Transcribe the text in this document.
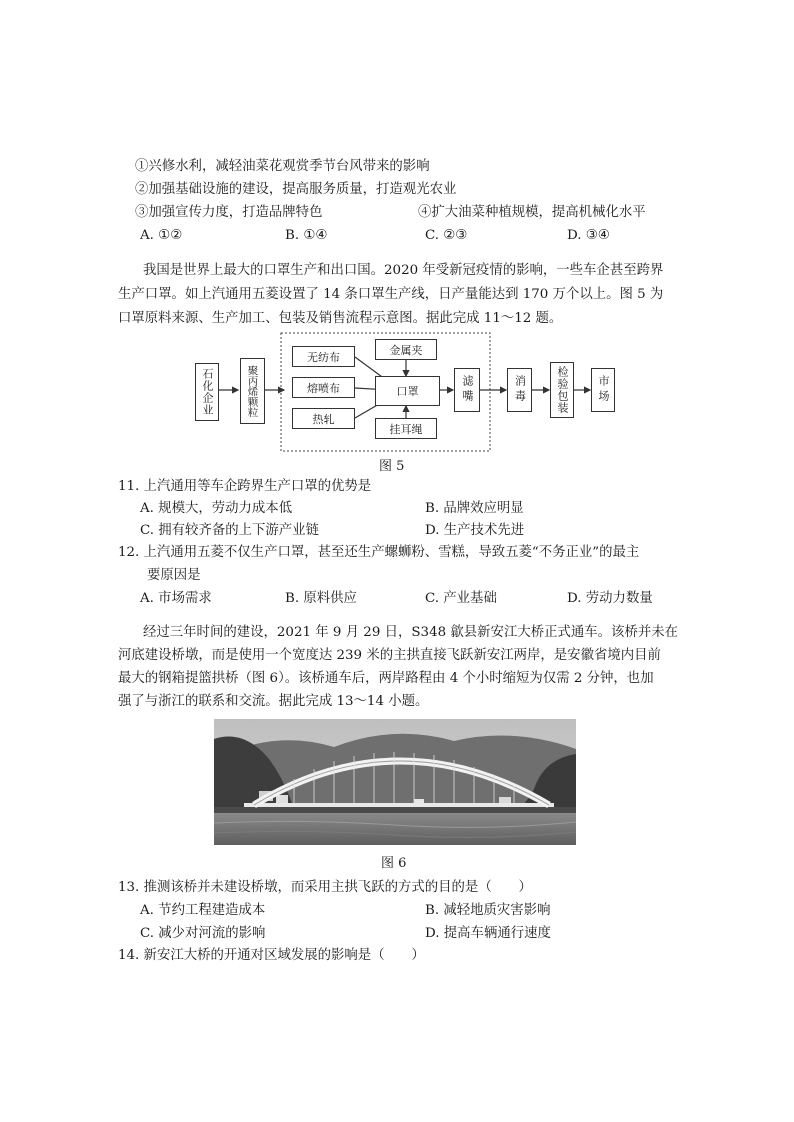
①兴修水利，减轻油菜花观赏季节台风带来的影响
②加强基础设施的建设，提高服务质量，打造观光农业
③加强宣传力度，打造品牌特色	④扩大油菜种植规模，提高机械化水平
A. ①②	B. ①④	C. ②③	D. ③④
我国是世界上最大的口罩生产和出口国。2020 年受新冠疫情的影响，一些车企甚至跨界
生产口罩。如上汽通用五菱设置了 14 条口罩生产线，日产量能达到 170 万个以上。图 5 为
口罩原料来源、生产加工、包装及销售流程示意图。据此完成 11～12 题。
石化企业	聚丙烯颗粒
无纺布
熔喷布
热轧
金属夹
口罩
挂耳绳
滤嘴	消毒	检验包装	市场
图 5
11. 上汽通用等车企跨界生产口罩的优势是
A. 规模大，劳动力成本低	B. 品牌效应明显
C. 拥有较齐备的上下游产业链	D. 生产技术先进
12. 上汽通用五菱不仅生产口罩，甚至还生产螺蛳粉、雪糕，导致五菱“不务正业”的最主
要原因是
A. 市场需求	B. 原料供应	C. 产业基础	D. 劳动力数量
经过三年时间的建设，2021 年 9 月 29 日，S348 歙县新安江大桥正式通车。该桥并未在
河底建设桥墩，而是使用一个宽度达 239 米的主拱直接飞跃新安江两岸，是安徽省境内目前
最大的钢箱提篮拱桥（图 6）。该桥通车后，两岸路程由 4 个小时缩短为仅需 2 分钟，也加
强了与浙江的联系和交流。据此完成 13～14 小题。
图 6
13. 推测该桥并未建设桥墩，而采用主拱飞跃的方式的目的是（　　）
A. 节约工程建造成本	B. 减轻地质灾害影响
C. 减少对河流的影响	D. 提高车辆通行速度
14. 新安江大桥的开通对区域发展的影响是（　　）
